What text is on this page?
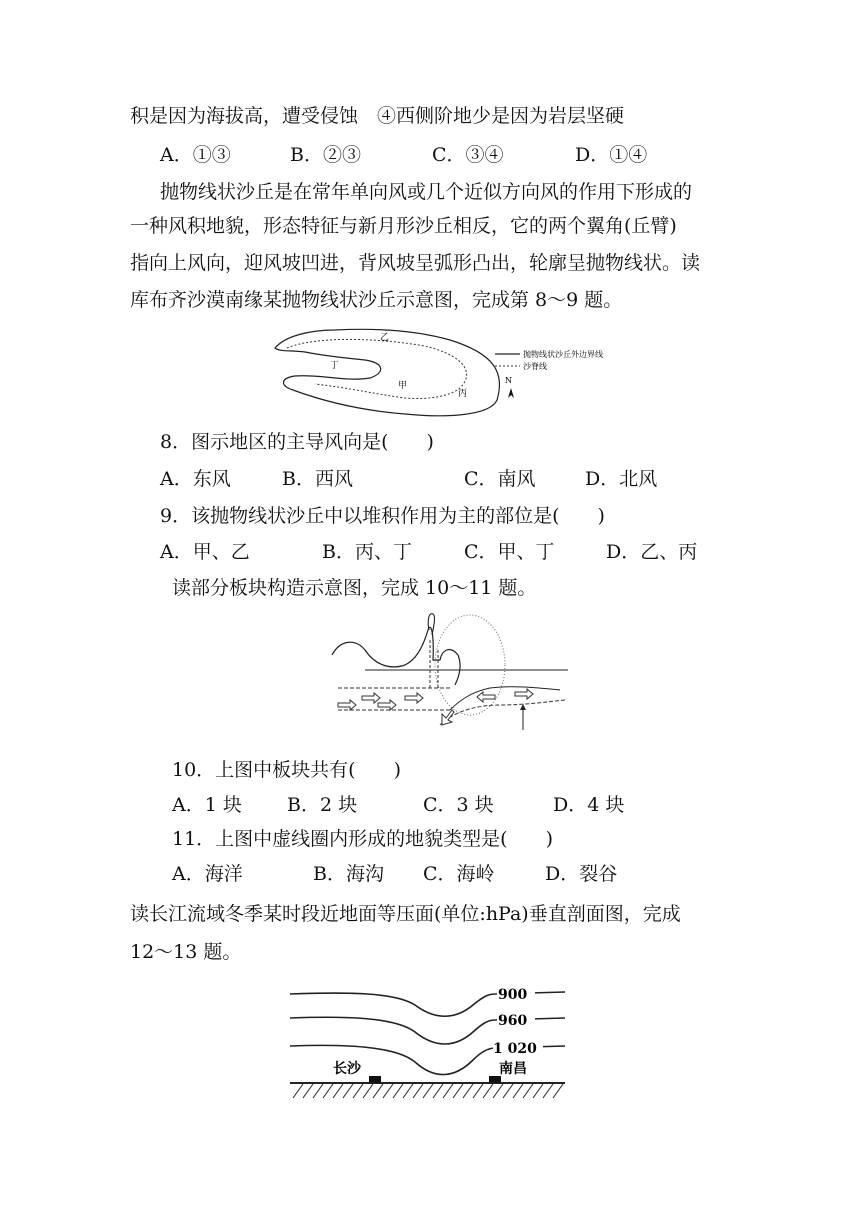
积是因为海拔高，遭受侵蚀　④西侧阶地少是因为岩层坚硬
A．①③	B．②③	C．③④	D．①④
抛物线状沙丘是在常年单向风或几个近似方向风的作用下形成的
一种风积地貌，形态特征与新月形沙丘相反，它的两个翼角(丘臂)
指向上风向，迎风坡凹进，背风坡呈弧形凸出，轮廓呈抛物线状。读
库布齐沙漠南缘某抛物线状沙丘示意图，完成第 8～9 题。
乙
丁
甲
丙
抛物线状沙丘外边界线
沙脊线
N
8．图示地区的主导风向是(　　)
A．东风	B．西风	C．南风	D．北风
9．该抛物线状沙丘中以堆积作用为主的部位是(　　)
A．甲、乙	B．丙、丁	C．甲、丁	D．乙、丙
读部分板块构造示意图，完成 10～11 题。
10．上图中板块共有(　　)
A．1 块 B．2 块	C．3 块	D．4 块
11．上图中虚线圈内形成的地貌类型是(　　)
A．海洋	B．海沟 C．海岭	D．裂谷
读长江流域冬季某时段近地面等压面(单位:hPa)垂直剖面图，完成
12～13 题。
900
960
1 020
长沙	南昌
